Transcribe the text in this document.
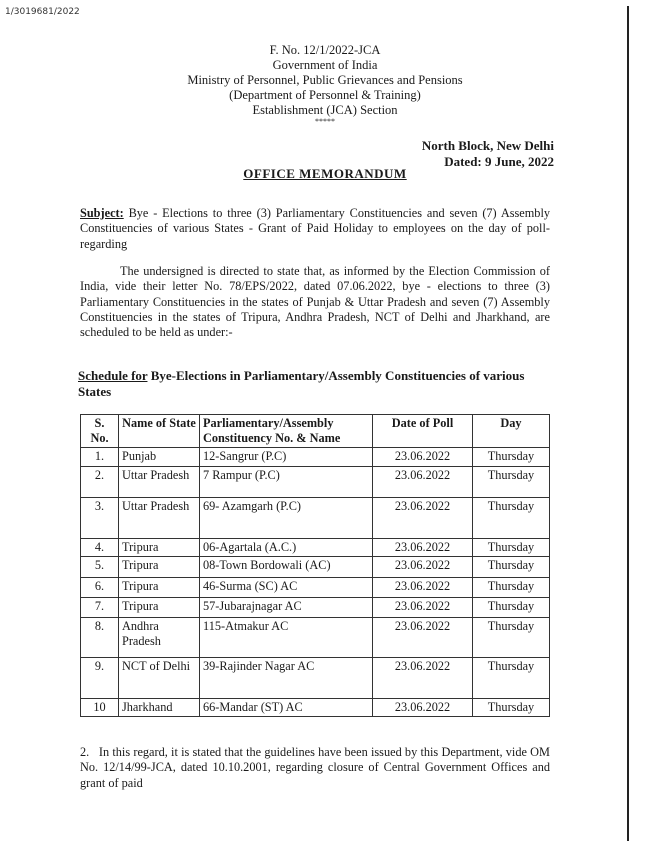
1/3019681/2022
F. No. 12/1/2022-JCA
Government of India
Ministry of Personnel, Public Grievances and Pensions
(Department of Personnel & Training)
Establishment (JCA) Section
*****
North Block, New Delhi
Dated: 9 June, 2022
OFFICE MEMORANDUM
Subject: Bye - Elections to three (3) Parliamentary Constituencies and seven (7) Assembly Constituencies of various States - Grant of Paid Holiday to employees on the day of poll-regarding
The undersigned is directed to state that, as informed by the Election Commission of India, vide their letter No. 78/EPS/2022, dated 07.06.2022, bye - elections to three (3) Parliamentary Constituencies in the states of Punjab & Uttar Pradesh and seven (7) Assembly Constituencies in the states of Tripura, Andhra Pradesh, NCT of Delhi and Jharkhand, are scheduled to be held as under:-
Schedule for Bye-Elections in Parliamentary/Assembly Constituencies of various States
S. No.	Name of State	Parliamentary/Assembly Constituency No. & Name	Date of Poll	Day
1.	Punjab	12-Sangrur (P.C)	23.06.2022	Thursday
2.	Uttar Pradesh	7 Rampur (P.C)	23.06.2022	Thursday
3.	Uttar Pradesh	69- Azamgarh (P.C)	23.06.2022	Thursday
4.	Tripura	06-Agartala (A.C.)	23.06.2022	Thursday
5.	Tripura	08-Town Bordowali (AC)	23.06.2022	Thursday
6.	Tripura	46-Surma (SC) AC	23.06.2022	Thursday
7.	Tripura	57-Jubarajnagar AC	23.06.2022	Thursday
8.	Andhra Pradesh	115-Atmakur AC	23.06.2022	Thursday
9.	NCT of Delhi	39-Rajinder Nagar AC	23.06.2022	Thursday
10	Jharkhand	66-Mandar (ST) AC	23.06.2022	Thursday
2.   In this regard, it is stated that the guidelines have been issued by this Department, vide OM No. 12/14/99-JCA, dated 10.10.2001, regarding closure of Central Government Offices and grant of paid
